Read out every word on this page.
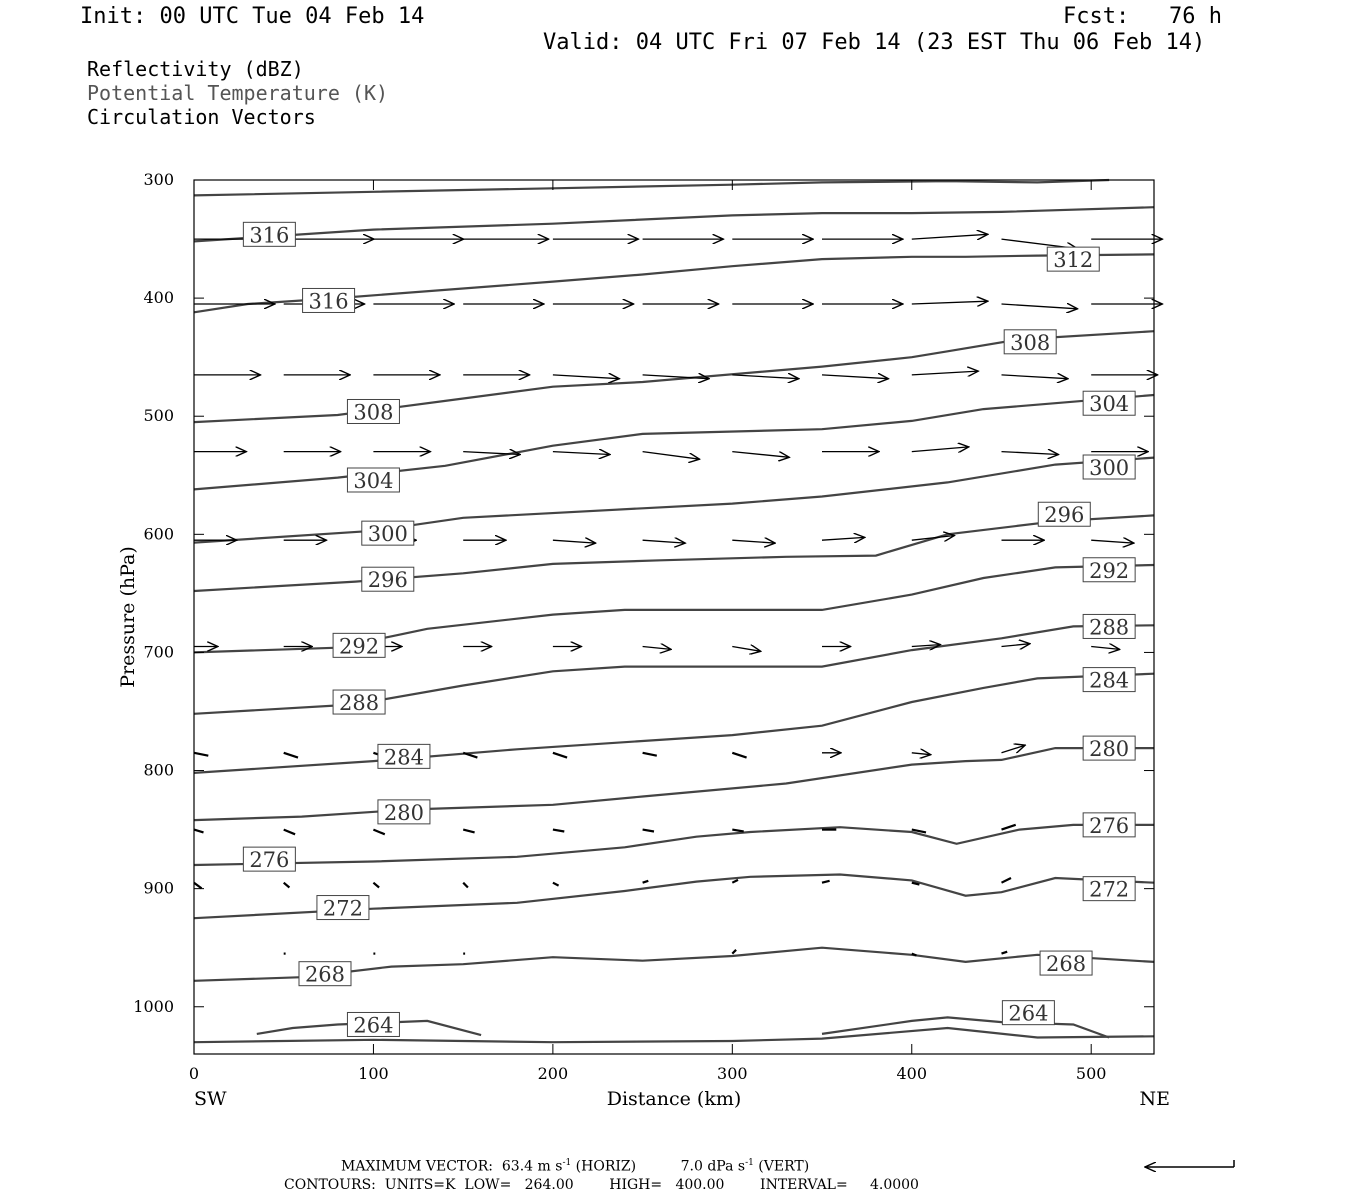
Init: 00 UTC Tue 04 Feb 14	Fcst:   76 h
Valid: 04 UTC Fri 07 Feb 14 (23 EST Thu 06 Feb 14)
Reflectivity (dBZ)
Potential Temperature (K)
Circulation Vectors
264	264
268	268
272
272
276
276
280
280
284
284
288
288
292
292
296
296
300
300
304
304
308
308
312
316
316
300
400
500
600
700
800
900
1000
0	100	200	300	400	500
Distance (km)
Pressure (hPa)
SW	NE
MAXIMUM VECTOR: 63.4 m $s^{-1}$ (HORIZ)	7.0 dPa $s^{-1}$ (VERT)
CONTOURS:  UNITS=K  LOW=   264.00        HIGH=   400.00        INTERVAL=     4.0000
